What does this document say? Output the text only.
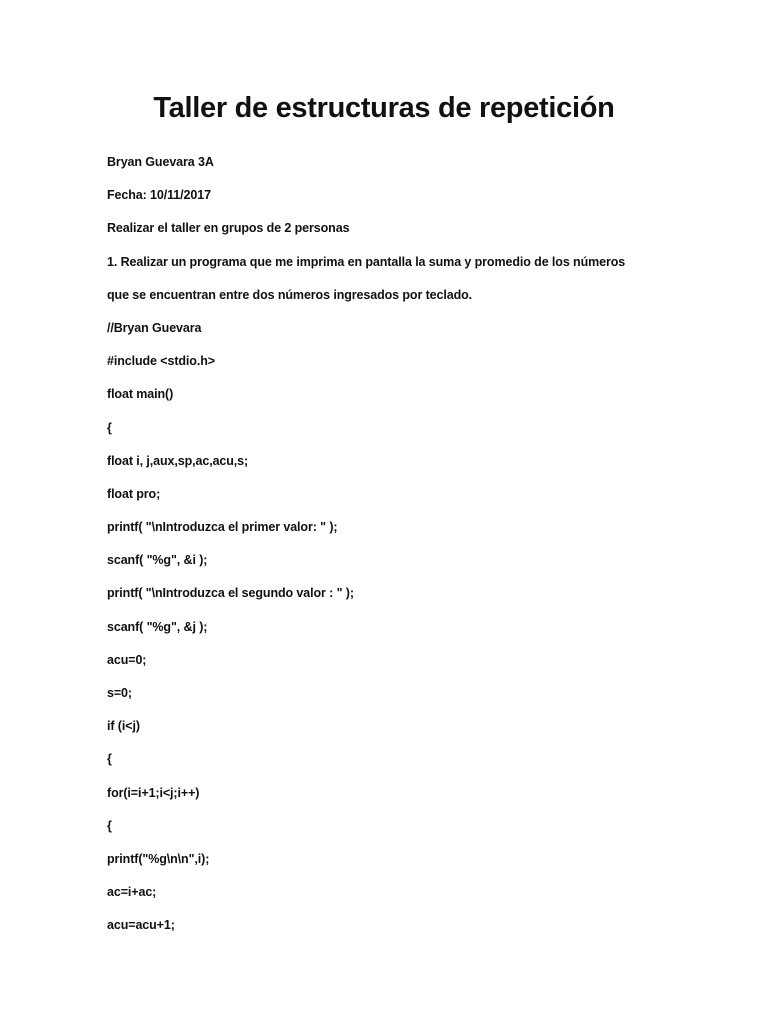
Taller de estructuras de repetición
Bryan Guevara 3A
Fecha: 10/11/2017
Realizar el taller en grupos de 2 personas
1. Realizar un programa que me imprima en pantalla la suma y promedio de los números
que se encuentran entre dos números ingresados por teclado.
//Bryan Guevara
#include <stdio.h>
float main()
{
float i, j,aux,sp,ac,acu,s;
float pro;
printf( "\nIntroduzca el primer valor: " );
scanf( "%g", &i );
printf( "\nIntroduzca el segundo valor : " );
scanf( "%g", &j );
acu=0;
s=0;
if (i<j)
{
for(i=i+1;i<j;i++)
{
printf("%g\n\n",i);
ac=i+ac;
acu=acu+1;
